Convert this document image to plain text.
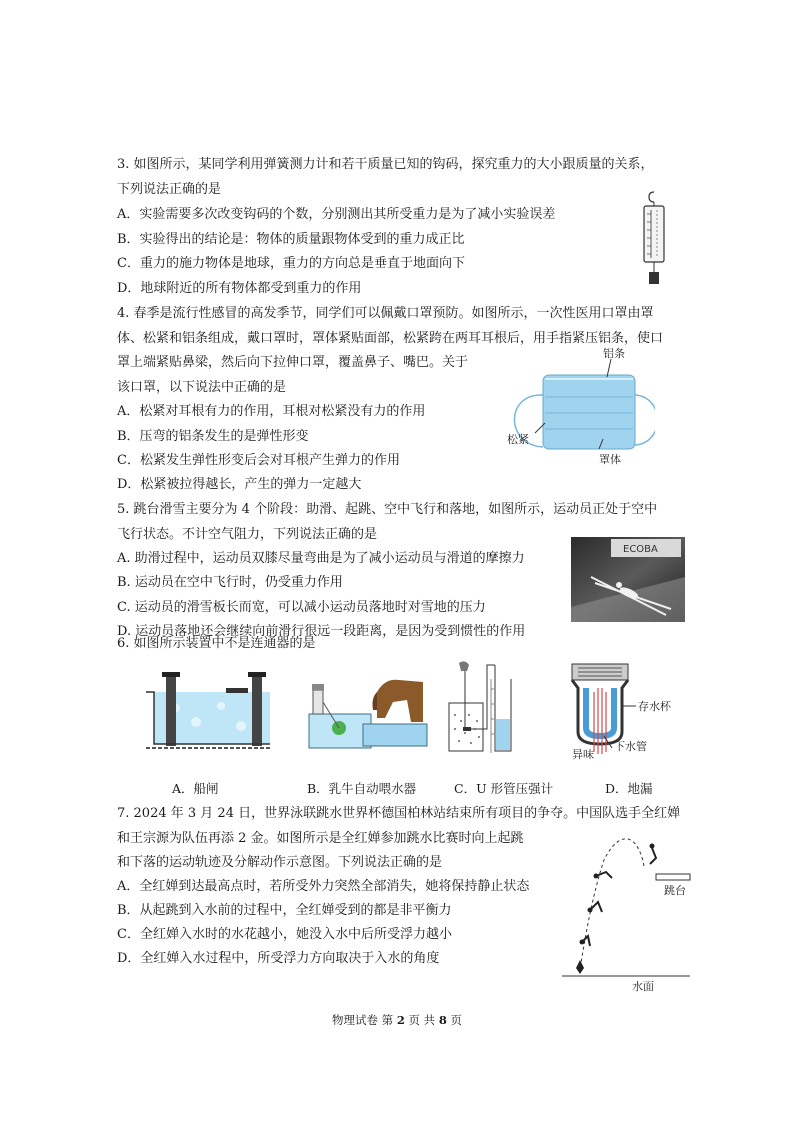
3. 如图所示，某同学利用弹簧测力计和若干质量已知的钩码，探究重力的大小跟质量的关系，
下列说法正确的是
A．实验需要多次改变钩码的个数，分别测出其所受重力是为了减小实验误差
B．实验得出的结论是：物体的质量跟物体受到的重力成正比
C．重力的施力物体是地球，重力的方向总是垂直于地面向下
D．地球附近的所有物体都受到重力的作用
4. 春季是流行性感冒的高发季节，同学们可以佩戴口罩预防。如图所示，一次性医用口罩由罩
体、松紧和铝条组成，戴口罩时，罩体紧贴面部，松紧跨在两耳耳根后，用手指紧压铝条，使口
罩上端紧贴鼻梁，然后向下拉伸口罩，覆盖鼻子、嘴巴。关于
该口罩，以下说法中正确的是
A．松紧对耳根有力的作用，耳根对松紧没有力的作用
B．压弯的铝条发生的是弹性形变
C．松紧发生弹性形变后会对耳根产生弹力的作用
D．松紧被拉得越长，产生的弹力一定越大
铝条
松紧
罩体
5. 跳台滑雪主要分为 4 个阶段：助滑、起跳、空中飞行和落地，如图所示，运动员正处于空中
飞行状态。不计空气阻力，下列说法正确的是
A. 助滑过程中，运动员双膝尽量弯曲是为了减小运动员与滑道的摩擦力
B. 运动员在空中飞行时，仍受重力作用
C. 运动员的滑雪板长而宽，可以减小运动员落地时对雪地的压力
D. 运动员落地还会继续向前滑行很远一段距离，是因为受到惯性的作用
ECOBA
6. 如图所示装置中不是连通器的是
存水杯
异味
下水管
A．船闸	B．乳牛自动喂水器	C．U 形管压强计	D．地漏
7. 2024 年 3 月 24 日，世界泳联跳水世界杯德国柏林站结束所有项目的争夺。中国队选手全红婵
和王宗源为队伍再添 2 金。如图所示是全红婵参加跳水比赛时向上起跳
和下落的运动轨迹及分解动作示意图。下列说法正确的是
A．全红婵到达最高点时，若所受外力突然全部消失，她将保持静止状态
B．从起跳到入水前的过程中，全红婵受到的都是非平衡力
C．全红婵入水时的水花越小，她没入水中后所受浮力越小
D．全红婵入水过程中，所受浮力方向取决于入水的角度
跳台
水面
物理试卷 第 2 页 共 8 页
